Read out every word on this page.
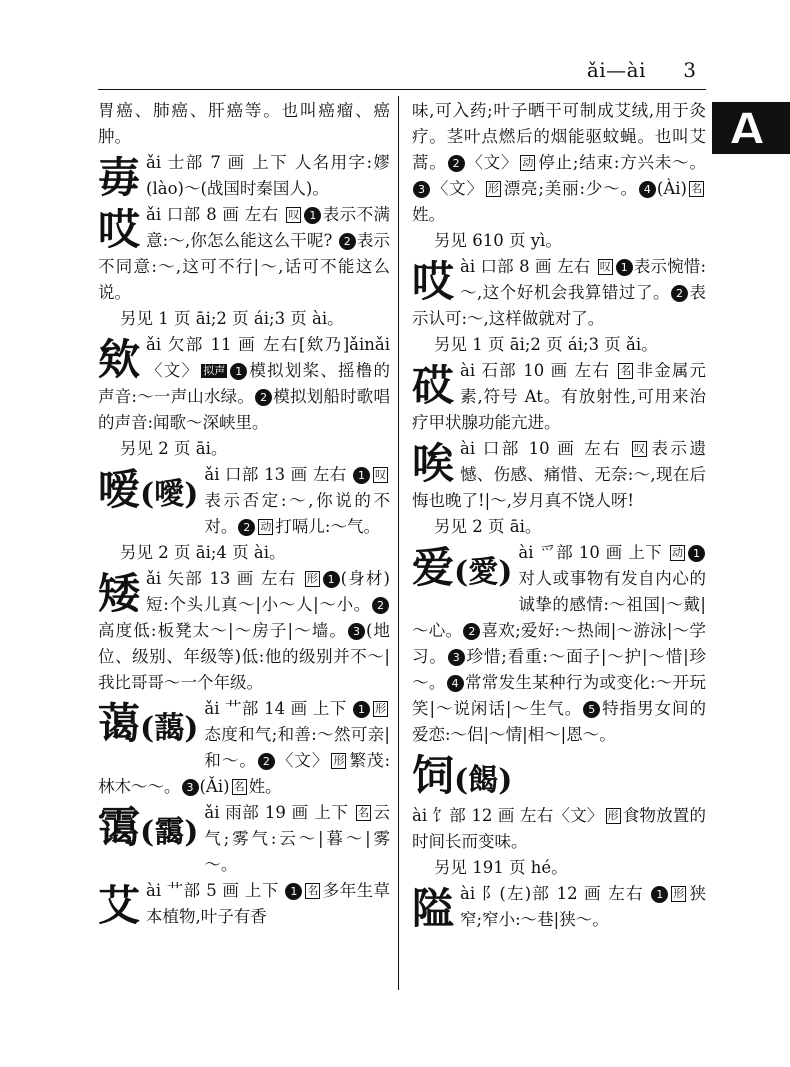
ǎi—ài 3
A
胃癌、肺癌、肝癌等。也叫癌瘤、癌肿。
毐 ǎi 士部 7 画 上下 人名用字:嫪(lào)～(战国时秦国人)。
哎 ǎi 口部 8 画 左右 叹 1 表示不满意:～,你怎么能这么干呢? 2 表示不同意:～,这可不行|～,话可不能这么说。
另见 1 页 āi;2 页 ái;3 页 ài。
欸 ǎi 欠部 11 画 左右[欸乃]ǎinǎi〈文〉 拟声 1 模拟划桨、摇橹的声音:～一声山水绿。 2 模拟划船时歌唱的声音:闻歌～深峡里。
另见 2 页 āi。
嗳(噯)
ǎi 口部 13 画 左右 1 叹表示否定:～,你说的不对。 2 动 打嗝儿:～气。
另见 2 页 āi;4 页 ài。
矮 ǎi 矢部 13 画 左右 形 1 (身材)短:个头儿真～|小～人|～小。 2高度低:板凳太～|～房子|～墙。 3 (地位、级别、年级等)低:他的级别并不～|我比哥哥～一个年级。
蔼(藹)
ǎi 艹部 14 画 上下 1 形态度和气;和善:～然可亲|和～。 2 〈文〉 形 繁茂:林木～～。 3 (Ǎi) 名 姓。
霭(靄)
ǎi 雨部 19 画 上下 名 云气;雾气:云～|暮～|雾～。
艾 ài 艹部 5 画 上下 1 名 多年生草本植物,叶子有香
味,可入药;叶子晒干可制成艾绒,用于灸疗。茎叶点燃后的烟能驱蚊蝇。也叫艾蒿。 2 〈文〉 动 停止;结束:方兴未～。3 〈文〉 形 漂亮;美丽:少～。 4 (Ài) 名姓。
另见 610 页 yì。
哎 ài 口部 8 画 左右 叹 1 表示惋惜:～,这个好机会我算错过了。 2 表示认可:～,这样做就对了。
另见 1 页 āi;2 页 ái;3 页 ǎi。
砹 ài 石部 10 画 左右 名 非金属元素,符号 At。有放射性,可用来治疗甲状腺功能亢进。
唉 ài 口部 10 画 左右 叹 表示遗憾、伤感、痛惜、无奈:～,现在后悔也晚了!|～,岁月真不饶人呀!
另见 2 页 āi。
爱(愛)
ài 爫部 10 画 上下 动 1对人或事物有发自内心的诚挚的感情:～祖国|～戴|～心。 2 喜欢;爱好:～热闹|～游泳|～学习。 3 珍惜;看重:～面子|～护|～惜|珍～。 4 常常发生某种行为或变化:～开玩笑|～说闲话|～生气。 5 特指男女间的爱恋:～侣|～情|相～|恩～。
饲(餲)
ài 饣部 12 画 左右〈文〉 形 食物放置的时间长而变味。
另见 191 页 hé。
隘 ài 阝(左)部 12 画 左右 1 形 狭窄;窄小:～巷|狭～。
